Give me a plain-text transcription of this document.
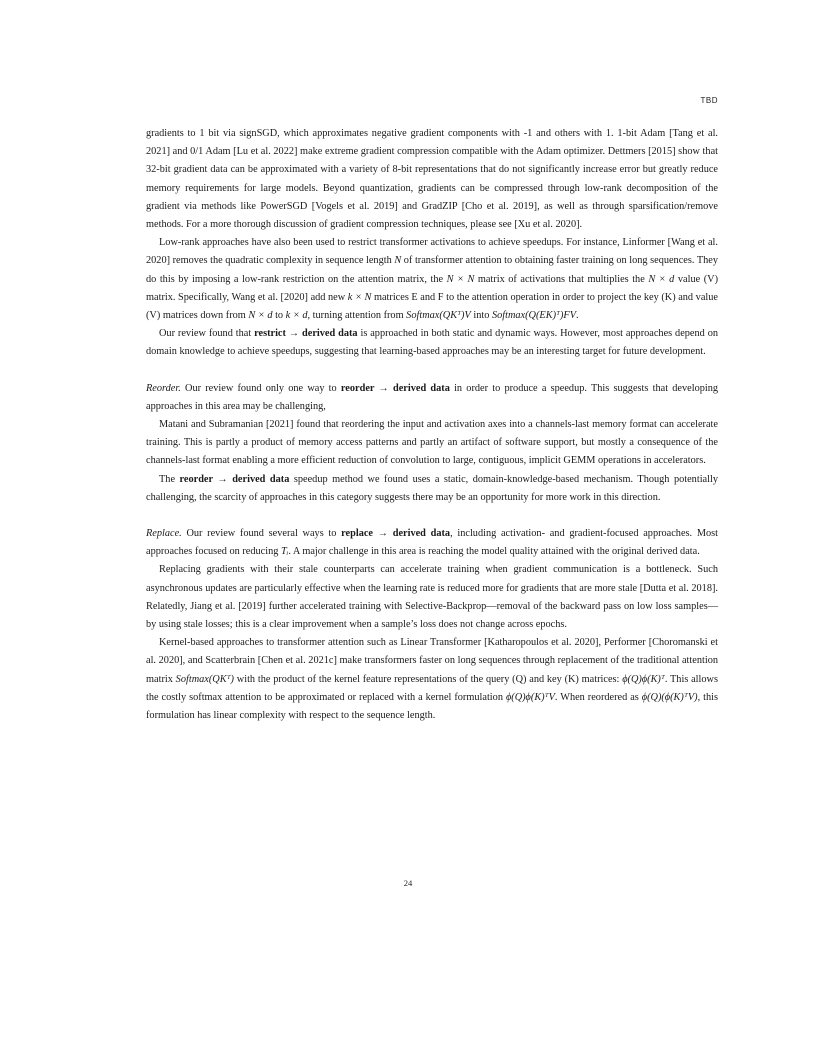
TBD

gradients to 1 bit via signSGD, which approximates negative gradient components with -1 and others with 1. 1-bit Adam [Tang et al. 2021] and 0/1 Adam [Lu et al. 2022] make extreme gradient compression compatible with the Adam optimizer. Dettmers [2015] show that 32-bit gradient data can be approximated with a variety of 8-bit representations that do not significantly increase error but greatly reduce memory requirements for large models. Beyond quantization, gradients can be compressed through low-rank decomposition of the gradient via methods like PowerSGD [Vogels et al. 2019] and GradZIP [Cho et al. 2019], as well as through sparsification/remove methods. For a more thorough discussion of gradient compression techniques, please see [Xu et al. 2020].

Low-rank approaches have also been used to restrict transformer activations to achieve speedups. For instance, Linformer [Wang et al. 2020] removes the quadratic complexity in sequence length N of transformer attention to obtaining faster training on long sequences. They do this by imposing a low-rank restriction on the attention matrix, the N × N matrix of activations that multiplies the N × d value (V) matrix. Specifically, Wang et al. [2020] add new k × N matrices E and F to the attention operation in order to project the key (K) and value (V) matrices down from N × d to k × d, turning attention from Softmax(QKᵀ)V into Softmax(Q(EK)ᵀ)FV.

Our review found that restrict → derived data is approached in both static and dynamic ways. However, most approaches depend on domain knowledge to achieve speedups, suggesting that learning-based approaches may be an interesting target for future development.

Reorder. Our review found only one way to reorder → derived data in order to produce a speedup. This suggests that developing approaches in this area may be challenging,

Matani and Subramanian [2021] found that reordering the input and activation axes into a channels-last memory format can accelerate training. This is partly a product of memory access patterns and partly an artifact of software support, but mostly a consequence of the channels-last format enabling a more efficient reduction of convolution to large, contiguous, implicit GEMM operations in accelerators.

The reorder → derived data speedup method we found uses a static, domain-knowledge-based mechanism. Though potentially challenging, the scarcity of approaches in this category suggests there may be an opportunity for more work in this direction.

Replace. Our review found several ways to replace → derived data, including activation- and gradient-focused approaches. Most approaches focused on reducing Tᵢ. A major challenge in this area is reaching the model quality attained with the original derived data.

Replacing gradients with their stale counterparts can accelerate training when gradient communication is a bottleneck. Such asynchronous updates are particularly effective when the learning rate is reduced more for gradients that are more stale [Dutta et al. 2018]. Relatedly, Jiang et al. [2019] further accelerated training with Selective-Backprop—removal of the backward pass on low loss samples—by using stale losses; this is a clear improvement when a sample’s loss does not change across epochs.

Kernel-based approaches to transformer attention such as Linear Transformer [Katharopoulos et al. 2020], Performer [Choromanski et al. 2020], and Scatterbrain [Chen et al. 2021c] make transformers faster on long sequences through replacement of the traditional attention matrix Softmax(QKᵀ) with the product of the kernel feature representations of the query (Q) and key (K) matrices: ϕ(Q)ϕ(K)ᵀ. This allows the costly softmax attention to be approximated or replaced with a kernel formulation ϕ(Q)ϕ(K)ᵀV. When reordered as ϕ(Q)(ϕ(K)ᵀV), this formulation has linear complexity with respect to the sequence length.

24
